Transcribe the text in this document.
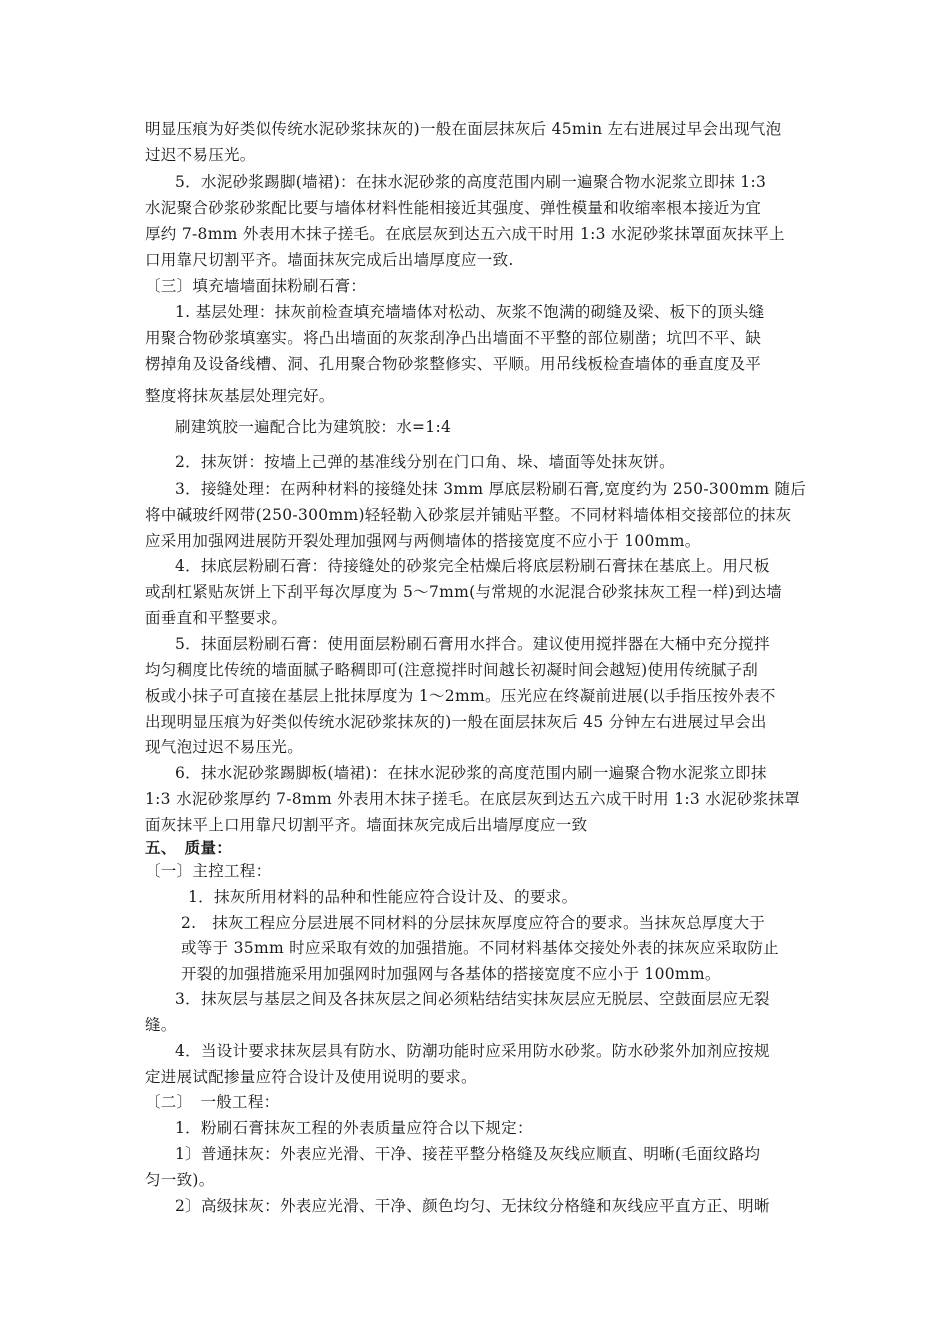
明显压痕为好类似传统水泥砂浆抹灰的)一般在面层抹灰后 45min 左右进展过早会出现气泡
过迟不易压光。
5．水泥砂浆踢脚(墙裙)：在抹水泥砂浆的高度范围内刷一遍聚合物水泥浆立即抹 1:3
水泥聚合砂浆砂浆配比要与墙体材料性能相接近其强度、弹性模量和收缩率根本接近为宜
厚约 7-8mm 外表用木抹子搓毛。在底层灰到达五六成干时用 1:3 水泥砂浆抹罩面灰抹平上
口用靠尺切割平齐。墙面抹灰完成后出墙厚度应一致.
〔三〕填充墙墙面抹粉刷石膏：
1. 基层处理：抹灰前检查填充墙墙体对松动、灰浆不饱满的砌缝及梁、板下的顶头缝
用聚合物砂浆填塞实。将凸出墙面的灰浆刮净凸出墙面不平整的部位剔凿；坑凹不平、缺
楞掉角及设备线槽、洞、孔用聚合物砂浆整修实、平顺。用吊线板检查墙体的垂直度及平
整度将抹灰基层处理完好。
刷建筑胶一遍配合比为建筑胶：水=1:4
2．抹灰饼：按墙上己弹的基准线分别在门口角、垛、墙面等处抹灰饼。
3．接缝处理：在两种材料的接缝处抹 3mm 厚底层粉刷石膏,宽度约为 250-300mm 随后
将中碱玻纤网带(250-300mm)轻轻勒入砂浆层并铺贴平整。不同材料墙体相交接部位的抹灰
应采用加强网进展防开裂处理加强网与两侧墙体的搭接宽度不应小于 100mm。
4．抹底层粉刷石膏：待接缝处的砂浆完全枯燥后将底层粉刷石膏抹在基底上。用尺板
或刮杠紧贴灰饼上下刮平每次厚度为 5～7mm(与常规的水泥混合砂浆抹灰工程一样)到达墙
面垂直和平整要求。
5．抹面层粉刷石膏：使用面层粉刷石膏用水拌合。建议使用搅拌器在大桶中充分搅拌
均匀稠度比传统的墙面腻子略稠即可(注意搅拌时间越长初凝时间会越短)使用传统腻子刮
板或小抹子可直接在基层上批抹厚度为 1～2mm。压光应在终凝前进展(以手指压按外表不
出现明显压痕为好类似传统水泥砂浆抹灰的)一般在面层抹灰后 45 分钟左右进展过早会出
现气泡过迟不易压光。
6．抹水泥砂浆踢脚板(墙裙)：在抹水泥砂浆的高度范围内刷一遍聚合物水泥浆立即抹
1:3 水泥砂浆厚约 7-8mm 外表用木抹子搓毛。在底层灰到达五六成干时用 1:3 水泥砂浆抹罩
面灰抹平上口用靠尺切割平齐。墙面抹灰完成后出墙厚度应一致
五、　质量：
〔一〕主控工程：
1．抹灰所用材料的品种和性能应符合设计及、的要求。
2.　抹灰工程应分层进展不同材料的分层抹灰厚度应符合的要求。当抹灰总厚度大于
或等于 35mm 时应采取有效的加强措施。不同材料基体交接处外表的抹灰应采取防止
开裂的加强措施采用加强网时加强网与各基体的搭接宽度不应小于 100mm。
3．抹灰层与基层之间及各抹灰层之间必须粘结结实抹灰层应无脱层、空鼓面层应无裂
缝。
4．当设计要求抹灰层具有防水、防潮功能时应采用防水砂浆。防水砂浆外加剂应按规
定进展试配掺量应符合设计及使用说明的要求。
〔二〕　一般工程：
1．粉刷石膏抹灰工程的外表质量应符合以下规定：
1〕普通抹灰：外表应光滑、干净、接茬平整分格缝及灰线应顺直、明晰(毛面纹路均
匀一致)。
2〕高级抹灰：外表应光滑、干净、颜色均匀、无抹纹分格缝和灰线应平直方正、明晰
